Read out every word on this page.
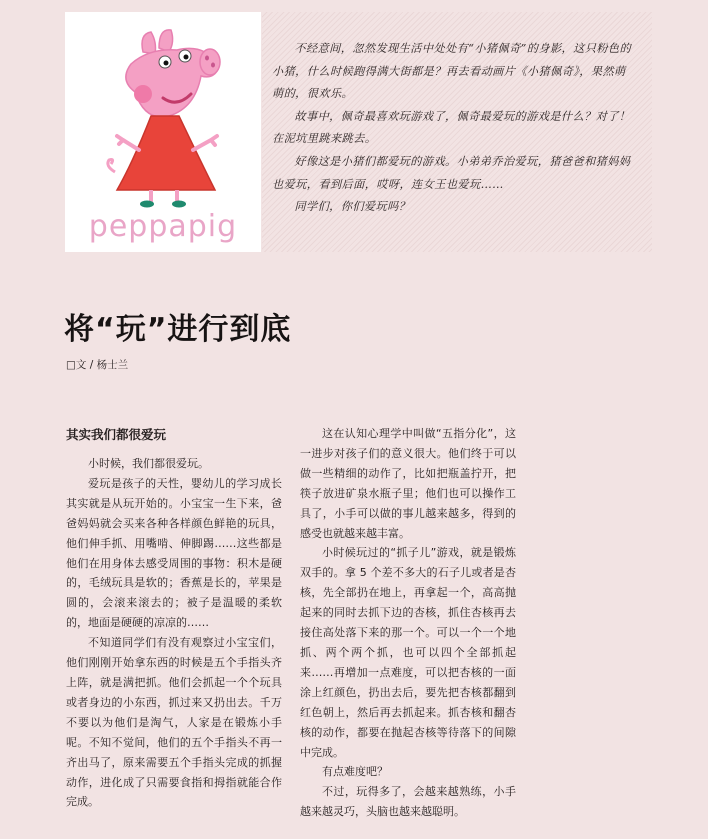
peppapig

不经意间，忽然发现生活中处处有“小猪佩奇”的身影，这只粉色的小猪，什么时候跑得满大街都是？再去看动画片《小猪佩奇》，果然萌萌的，很欢乐。

故事中，佩奇最喜欢玩游戏了，佩奇最爱玩的游戏是什么？对了！在泥坑里跳来跳去。

好像这是小猪们都爱玩的游戏。小弟弟乔治爱玩，猪爸爸和猪妈妈也爱玩，看到后面，哎呀，连女王也爱玩……

同学们，你们爱玩吗？

将“玩”进行到底
□文 / 杨士兰
其实我们都很爱玩

小时候，我们都很爱玩。

爱玩是孩子的天性，婴幼儿的学习成长其实就是从玩开始的。小宝宝一生下来，爸爸妈妈就会买来各种各样颜色鲜艳的玩具，他们伸手抓、用嘴啃、伸脚踢……这些都是他们在用身体去感受周围的事物：积木是硬的，毛绒玩具是软的；香蕉是长的，苹果是圆的，会滚来滚去的；被子是温暖的柔软的，地面是硬硬的凉凉的……

不知道同学们有没有观察过小宝宝们，他们刚刚开始拿东西的时候是五个手指头齐上阵，就是满把抓。他们会抓起一个个玩具或者身边的小东西，抓过来又扔出去。千万不要以为他们是淘气，人家是在锻炼小手呢。不知不觉间，他们的五个手指头不再一齐出马了，原来需要五个手指头完成的抓握动作，进化成了只需要食指和拇指就能合作完成。

这在认知心理学中叫做“五指分化”，这一进步对孩子们的意义很大。他们终于可以做一些精细的动作了，比如把瓶盖拧开，把筷子放进矿泉水瓶子里；他们也可以操作工具了，小手可以做的事儿越来越多，得到的感受也就越来越丰富。

小时候玩过的“抓子儿”游戏，就是锻炼双手的。拿 5 个差不多大的石子儿或者是杏核，先全部扔在地上，再拿起一个，高高抛起来的同时去抓下边的杏核，抓住杏核再去接住高处落下来的那一个。可以一个一个地抓、两个两个抓，也可以四个全部抓起来……再增加一点难度，可以把杏核的一面涂上红颜色，扔出去后，要先把杏核都翻到红色朝上，然后再去抓起来。抓杏核和翻杏核的动作，都要在抛起杏核等待落下的间隙中完成。

有点难度吧？

不过，玩得多了，会越来越熟练，小手越来越灵巧，头脑也越来越聪明。
